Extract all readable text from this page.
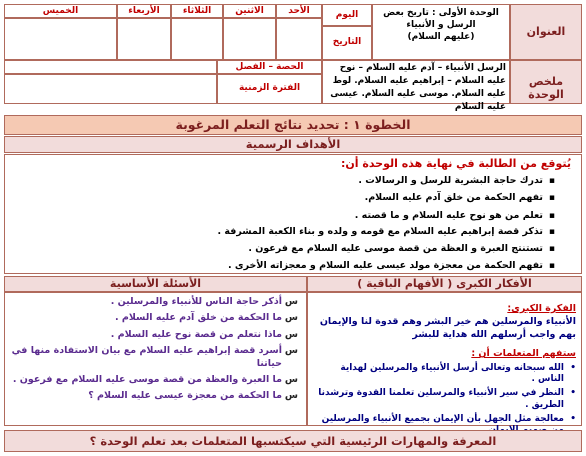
العنوان
الوحدة الأولى : تاريخ بعض الرسل و الأنبياء
(عليهم السلام)
اليوم
التاريخ
الأحد
الاثنين
الثلاثاء
الأربعاء
الخميس
ملخص الوحدة
الرسل الأنبياء – آدم عليه السلام – نوح عليه السلام – إبراهيم عليه السلام. لوط عليه السلام. موسى عليه السلام. عيسى عليه السلام
الحصة – الفصل
الفترة الزمنية
الخطوة ١ : تحديد نتائج التعلم المرغوبة
الأهداف الرسمية
يُتوقع من الطالبة في نهاية هذه الوحدة أن:
▪ تدرك حاجة البشرية للرسل و الرسالات .
▪ تفهم الحكمة من خلق آدم عليه السلام.
▪ تعلم من هو نوح عليه السلام و ما قصته .
▪ تذكر قصة إبراهيم عليه السلام مع قومه و ولده و بناء الكعبة المشرفة .
▪ تستنتج العبرة و العظة من قصة موسى عليه السلام مع فرعون .
▪ تفهم الحكمة من معجزة مولد عيسى عليه السلام و معجزاته الأخرى .
الأفكار الكبرى ( الأفهام الباقية )
الأسئلة الأساسية
الفكرة الكبرى:
الأنبياء والمرسلين هم خير البشر وهم قدوة لنا والإيمان بهم واجب أرسلهم الله هداية للبشر
ستفهم المتعلمات أن :
• الله سبحانه وتعالى أرسل الأنبياء والمرسلين لهداية الناس .
• النظر في سير الأنبياء والمرسلين تعلمنا القدوة وترشدنا الطريق .
• معالجة مثل الجهل بأن الإيمان بجميع الأنبياء والمرسلين
س أذكر حاجة الناس للأنبياء والمرسلين .
س ما الحكمة من خلق آدم عليه السلام .
س ماذا نتعلم من قصة نوح عليه السلام .
س أسرد قصة إبراهيم عليه السلام مع بيان الاستفادة منها في حياتنا
س ما العبرة والعظة من قصة موسى عليه السلام مع فرعون .
س ما الحكمة من معجزة عيسى عليه السلام ؟
المعرفة والمهارات الرئيسية التي سيكتسبها المتعلمات بعد تعلم الوحدة ؟
